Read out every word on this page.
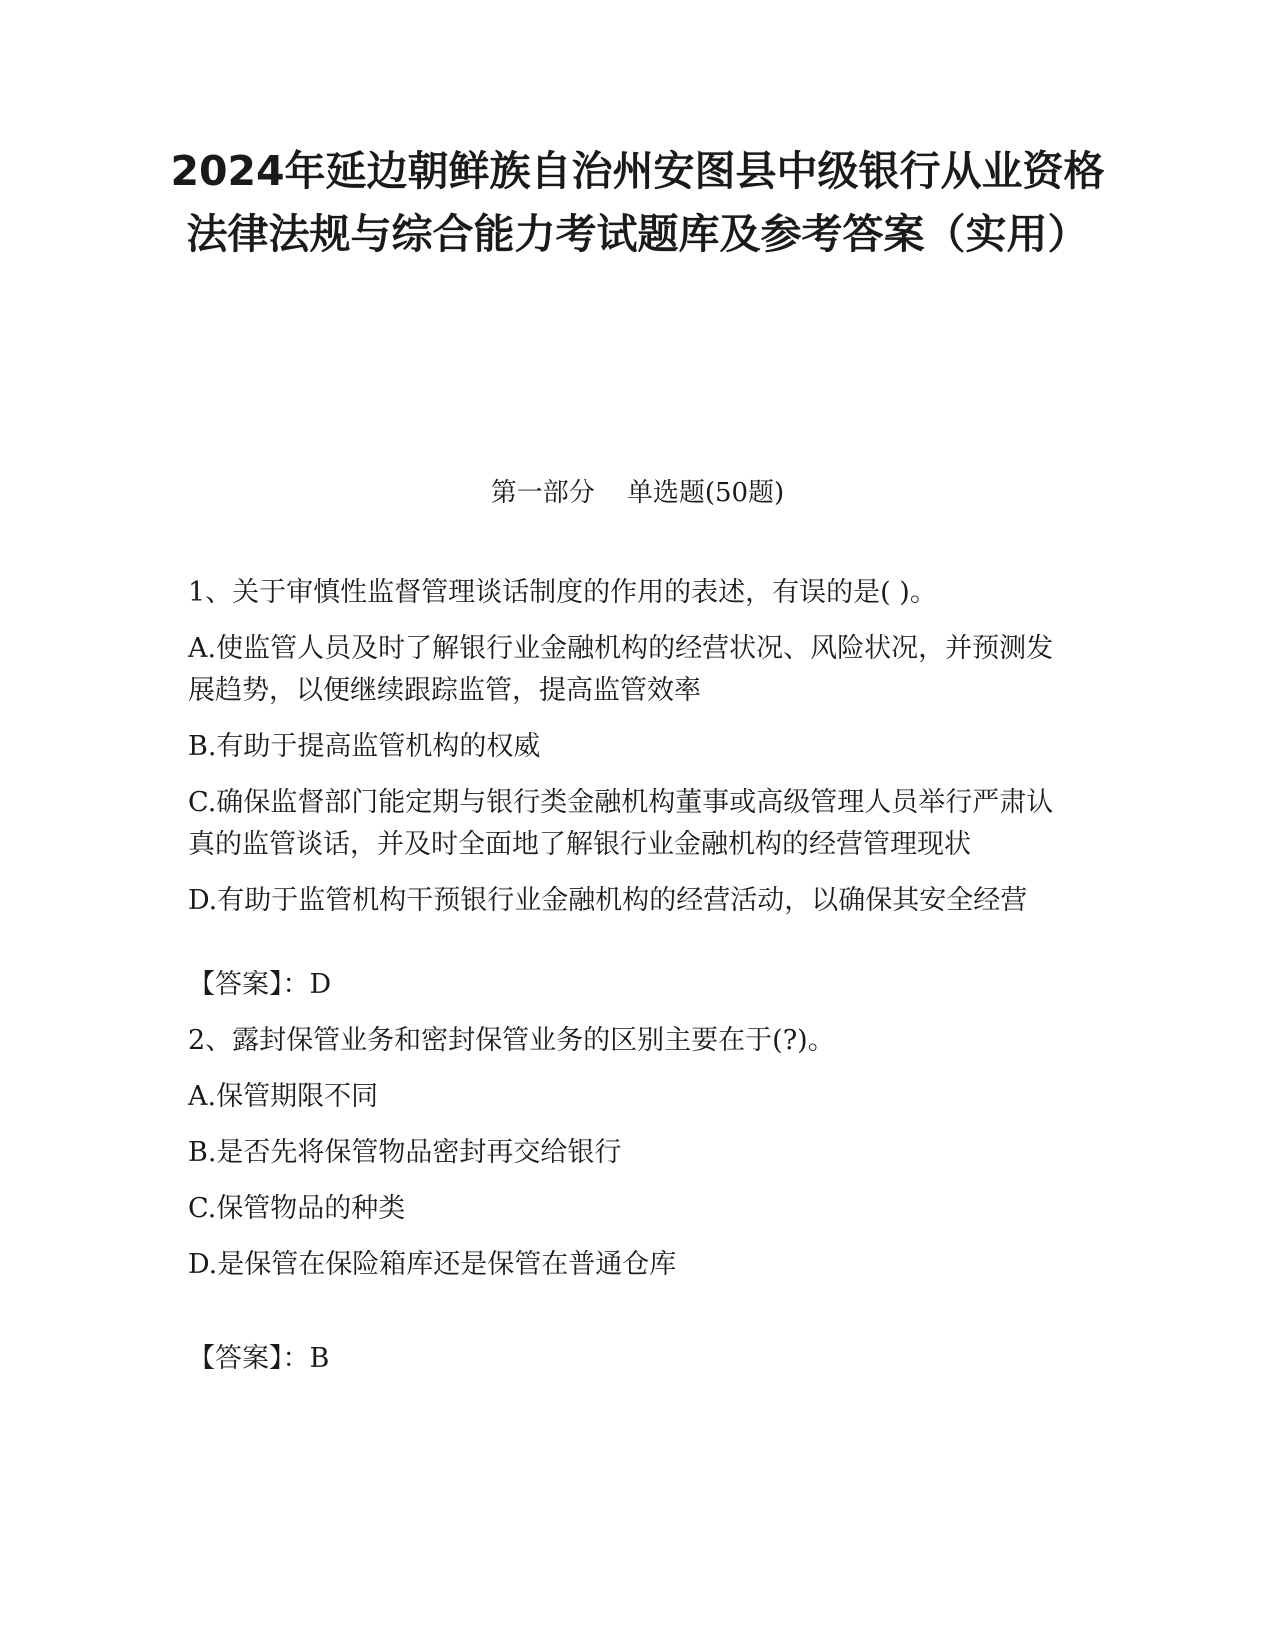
2024年延边朝鲜族自治州安图县中级银行从业资格法律法规与综合能力考试题库及参考答案（实用）
第一部分 单选题(50题)

1、关于审慎性监督管理谈话制度的作用的表述，有误的是( )。

A.使监管人员及时了解银行业金融机构的经营状况、风险状况，并预测发展趋势，以便继续跟踪监管，提高监管效率

B.有助于提高监管机构的权威

C.确保监督部门能定期与银行类金融机构董事或高级管理人员举行严肃认真的监管谈话，并及时全面地了解银行业金融机构的经营管理现状

D.有助于监管机构干预银行业金融机构的经营活动，以确保其安全经营

【答案】：D

2、露封保管业务和密封保管业务的区别主要在于(?)。

A.保管期限不同

B.是否先将保管物品密封再交给银行

C.保管物品的种类

D.是保管在保险箱库还是保管在普通仓库

【答案】：B
